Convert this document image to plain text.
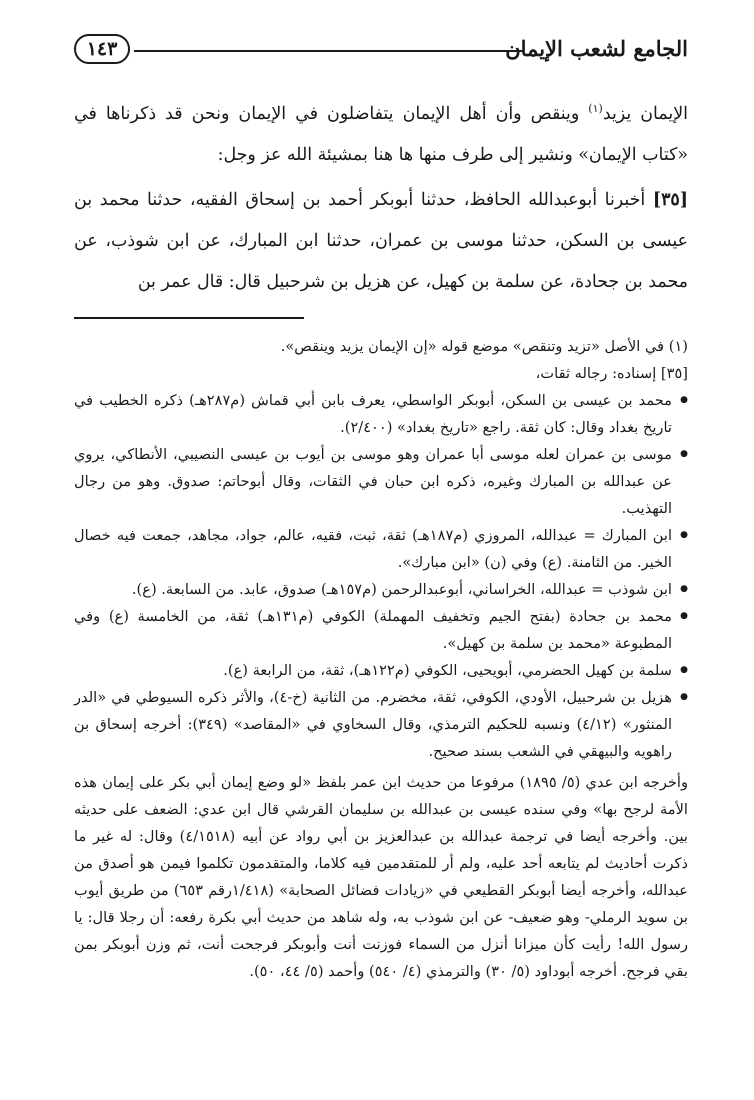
الجامع لشعب الإيمان
١٤٣

الإيمان يزيد$^{(١)}$ وينقص وأن أهل الإيمان يتفاضلون في الإيمان ونحن قد ذكرناها في «كتاب الإيمان» ونشير إلى طرف منها ها هنا بمشيئة الله عز وجل:

[٣٥] أخبرنا أبوعبدالله الحافظ، حدثنا أبوبكر أحمد بن إسحاق الفقيه، حدثنا محمد بن عيسى بن السكن، حدثنا موسى بن عمران، حدثنا ابن المبارك، عن ابن شوذب، عن محمد بن جحادة، عن سلمة بن كهيل، عن هزيل بن شرحبيل قال: قال عمر بن

(١) في الأصل «تزيد وتنقص» موضع قوله «إن الإيمان يزيد وينقص».

[٣٥] إسناده: رجاله ثقات،

● محمد بن عيسى بن السكن، أبوبكر الواسطي، يعرف بابن أبي قماش (م٢٨٧هـ) ذكره الخطيب في تاريخ بغداد وقال: كان ثقة. راجع «تاريخ بغداد» (٢/٤٠٠).
● موسى بن عمران لعله موسى أبا عمران وهو موسى بن أيوب بن عيسى النصيبي، الأنطاكي، يروي عن عبدالله بن المبارك وغيره، ذكره ابن حبان في الثقات، وقال أبوحاتم: صدوق. وهو من رجال التهذيب.
● ابن المبارك = عبدالله، المروزي (م١٨٧هـ) ثقة، ثبت، فقيه، عالم، جواد، مجاهد، جمعت فيه خصال الخير. من الثامنة. (ع) وفي (ن) «ابن مبارك».
● ابن شوذب = عبدالله، الخراساني، أبوعبدالرحمن (م١٥٧هـ) صدوق، عابد. من السابعة. (ع).
● محمد بن جحادة (بفتح الجيم وتخفيف المهملة) الكوفي (م١٣١هـ) ثقة، من الخامسة (ع) وفي المطبوعة «محمد بن سلمة بن كهيل».
● سلمة بن كهيل الحضرمي، أبويحيى، الكوفي (م١٢٢هـ)، ثقة، من الرابعة (ع).
● هزيل بن شرحبيل، الأودي، الكوفي، ثقة، مخضرم. من الثانية (خ-٤)، والأثر ذكره السيوطي في «الدر المنثور» (٤/١٢) ونسبه للحكيم الترمذي، وقال السخاوي في «المقاصد» (٣٤٩): أخرجه إسحاق بن راهويه والبيهقي في الشعب بسند صحيح.

وأخرجه ابن عدي (٥/ ١٨٩٥) مرفوعا من حديث ابن عمر بلفظ «لو وضع إيمان أبي بكر على إيمان هذه الأمة لرجح بها» وفي سنده عيسى بن عبدالله بن سليمان القرشي قال ابن عدي: الضعف على حديثه بين. وأخرجه أيضا في ترجمة عبدالله بن عبدالعزيز بن أبي رواد عن أبيه (٤/١٥١٨) وقال: له غير ما ذكرت أحاديث لم يتابعه أحد عليه، ولم أر للمتقدمين فيه كلاما، والمتقدمون تكلموا فيمن هو أصدق من عبدالله، وأخرجه أيضا أبوبكر القطيعي في «زيادات فضائل الصحابة» (١/٤١٨رقم ٦٥٣) من طريق أيوب بن سويد الرملي- وهو ضعيف- عن ابن شوذب به، وله شاهد من حديث أبي بكرة رفعه: أن رجلا قال: يا رسول الله! رأيت كأن ميزانا أنزل من السماء فوزنت أنت وأبوبكر فرجحت أنت، ثم وزن أبوبكر بمن بقي فرجح. أخرجه أبوداود (٥/ ٣٠) والترمذي (٤/ ٥٤٠) وأحمد (٥/ ٤٤، ٥٠).
